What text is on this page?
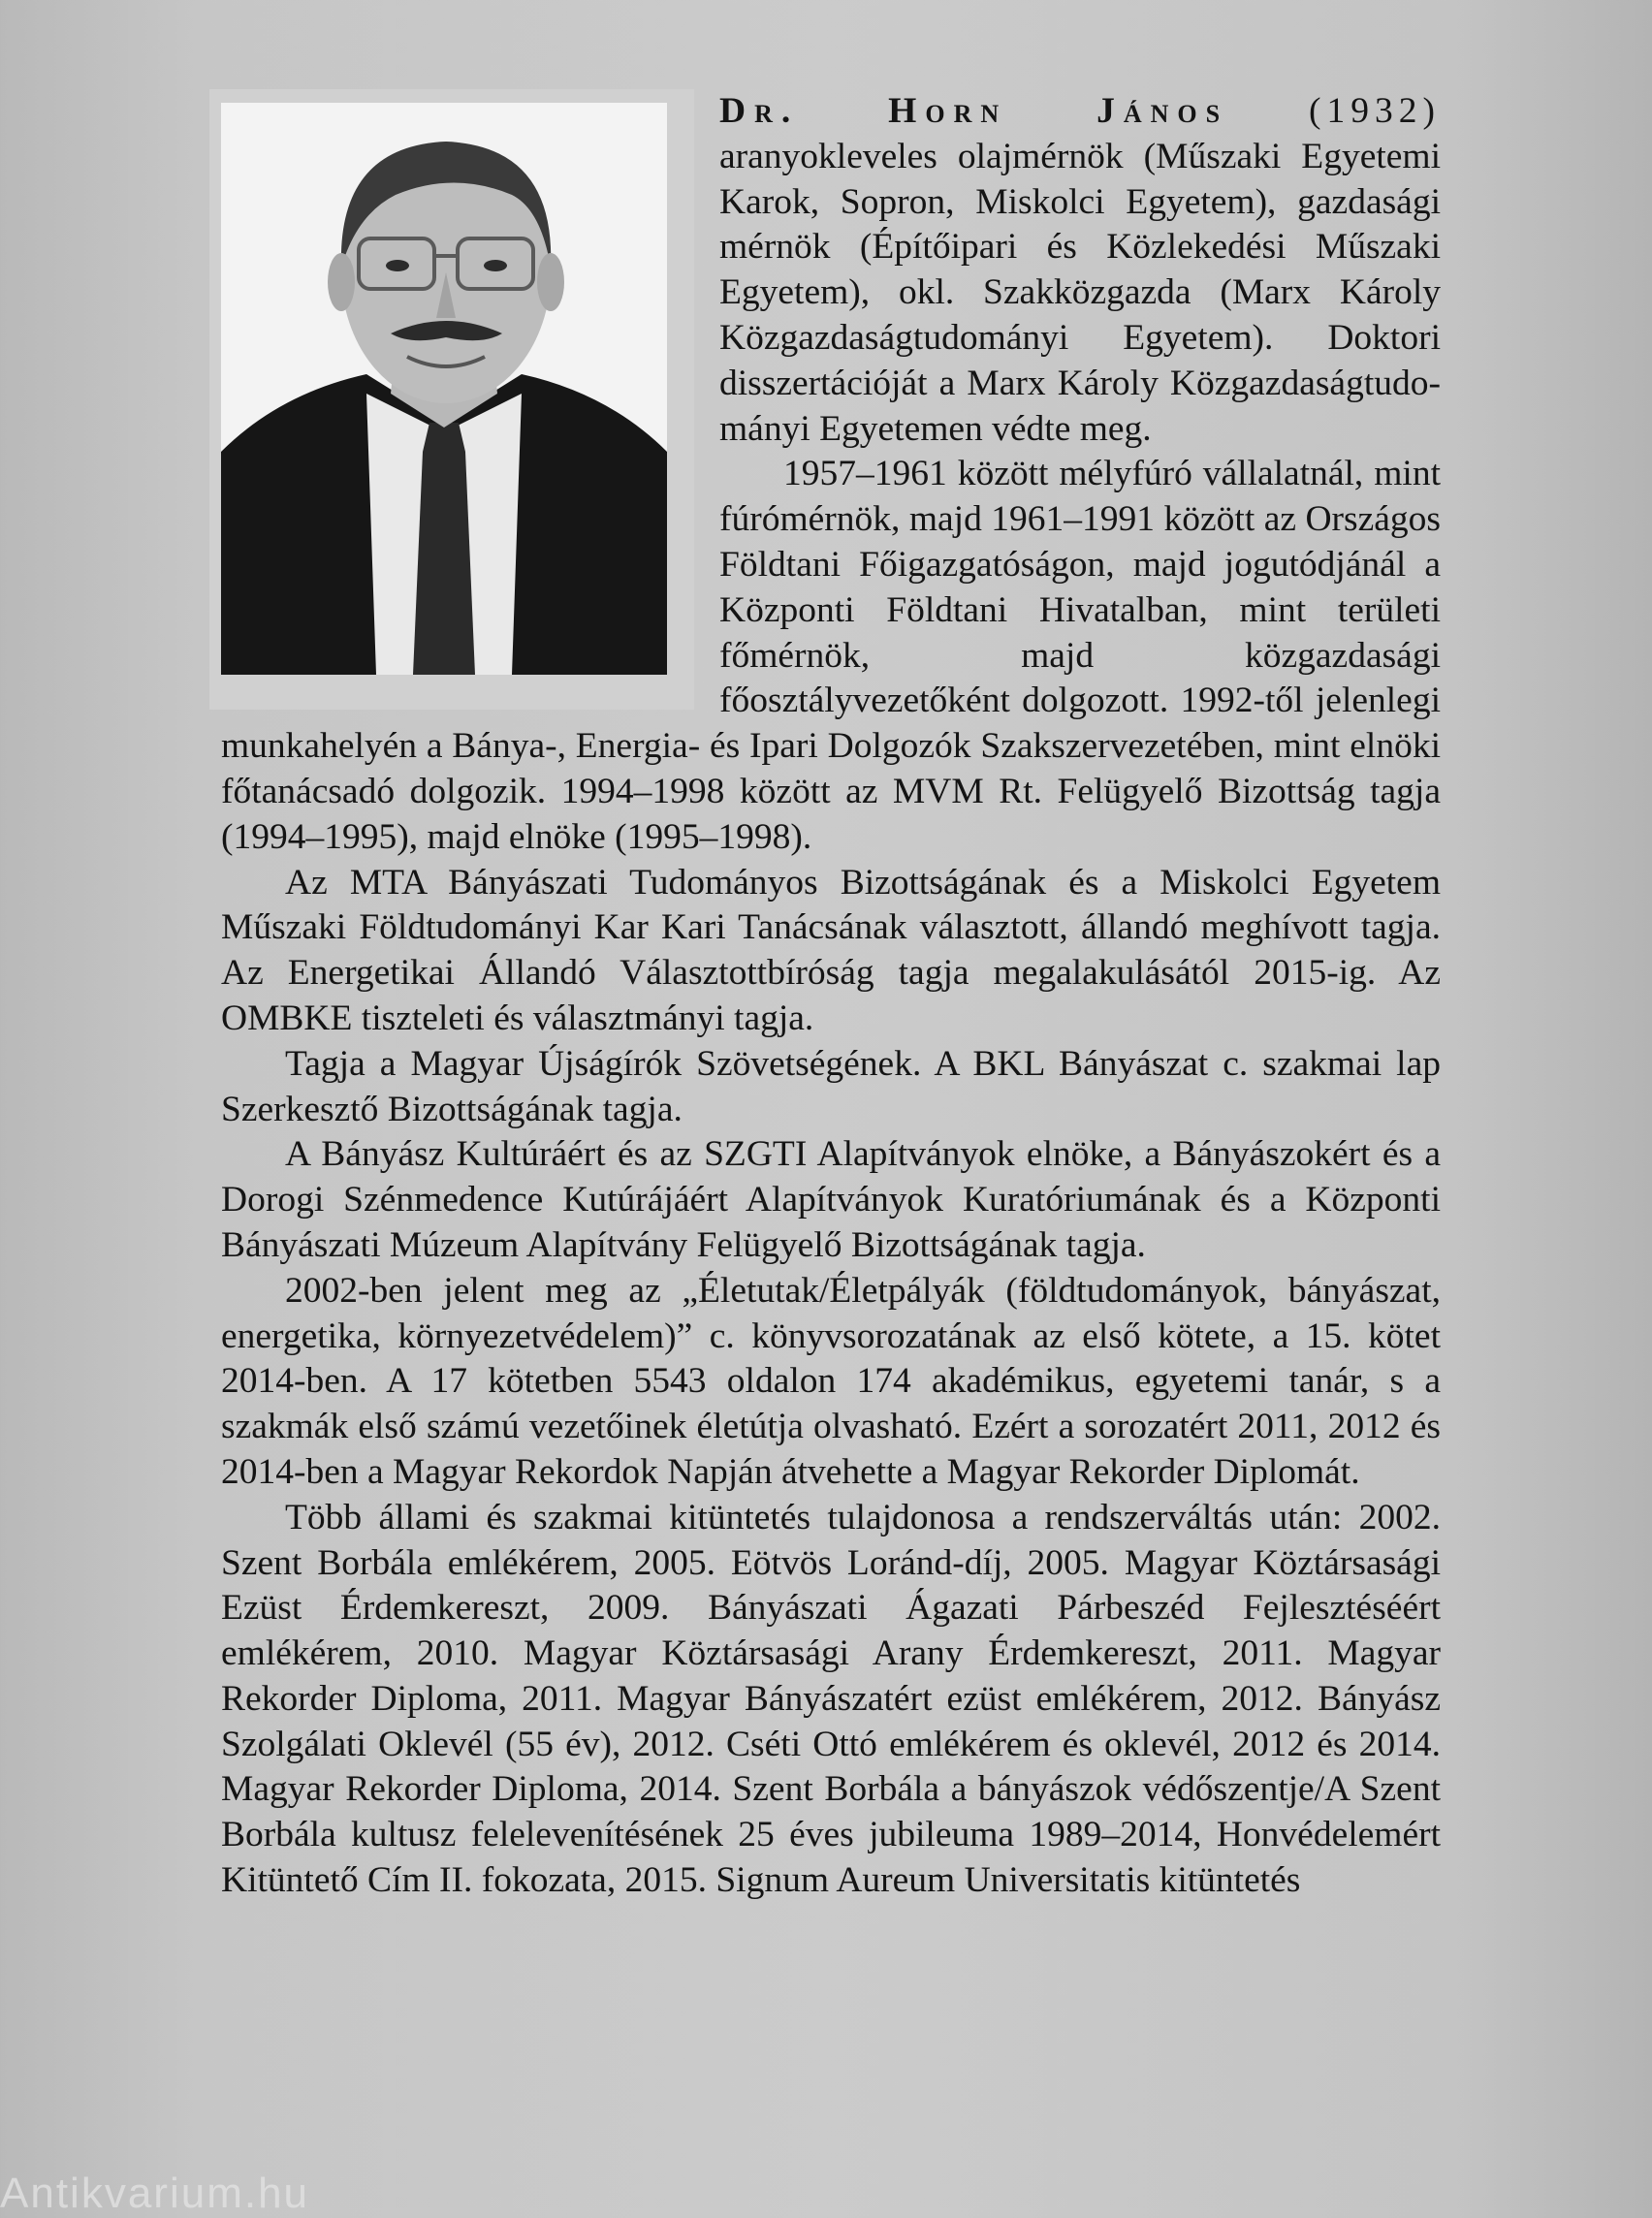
Dr. Horn János (1932) aranyokleveles olajmérnök (Műszaki Egyetemi Karok, Sopron, Miskolci Egyetem), gazdasági mérnök (Építőipari és Közlekedési Műszaki Egyetem), okl. Szakközgazda (Marx Károly Közgazdaságtudományi Egyetem). Doktori disszertációját a Marx Károly Közgazdaságtudományi Egyetemen védte meg.

1957–1961 között mélyfúró vállalatnál, mint fúrómérnök, majd 1961–1991 között az Országos Földtani Főigazgatóságon, majd jogutódjánál a Központi Földtani Hivatalban, mint területi főmérnök, majd közgazdasági főosztályvezetőként dolgozott. 1992-től jelenlegi munkahelyén a Bánya-, Energia- és Ipari Dolgozók Szakszervezetében, mint elnöki főtanácsadó dolgozik. 1994–1998 között az MVM Rt. Felügyelő Bizottság tagja (1994–1995), majd elnöke (1995–1998).

Az MTA Bányászati Tudományos Bizottságának és a Miskolci Egyetem Műszaki Földtudományi Kar Kari Tanácsának választott, állandó meghívott tagja. Az Energetikai Állandó Választottbíróság tagja megalakulásától 2015-ig. Az OMBKE tiszteleti és választmányi tagja.

Tagja a Magyar Újságírók Szövetségének. A BKL Bányászat c. szakmai lap Szerkesztő Bizottságának tagja.

A Bányász Kultúráért és az SZGTI Alapítványok elnöke, a Bányászokért és a Dorogi Szénmedence Kutúrájáért Alapítványok Kuratóriumának és a Központi Bányászati Múzeum Alapítvány Felügyelő Bizottságának tagja.

2002-ben jelent meg az „Életutak/Életpályák (földtudományok, bányászat, energetika, környezetvédelem)” c. könyvsorozatának az első kötete, a 15. kötet 2014-ben. A 17 kötetben 5543 oldalon 174 akadémikus, egyetemi tanár, s a szakmák első számú vezetőinek életútja olvasható. Ezért a sorozatért 2011, 2012 és 2014-ben a Magyar Rekordok Napján átvehette a Magyar Rekorder Diplomát.

Több állami és szakmai kitüntetés tulajdonosa a rendszerváltás után: 2002. Szent Borbála emlékérem, 2005. Eötvös Loránd-díj, 2005. Magyar Köztársasági Ezüst Érdemkereszt, 2009. Bányászati Ágazati Párbeszéd Fejlesztéséért emlékérem, 2010. Magyar Köztársasági Arany Érdemkereszt, 2011. Magyar Rekorder Diploma, 2011. Magyar Bányászatért ezüst emlékérem, 2012. Bányász Szolgálati Oklevél (55 év), 2012. Cséti Ottó emlékérem és oklevél, 2012 és 2014. Magyar Rekorder Diploma, 2014. Szent Borbála a bányászok védőszentje/A Szent Borbála kultusz felelevenítésének 25 éves jubileuma 1989–2014, Honvédelemért Kitüntető Cím II. fokozata, 2015. Signum Aureum Universitatis kitüntetés

Antikvarium.hu
